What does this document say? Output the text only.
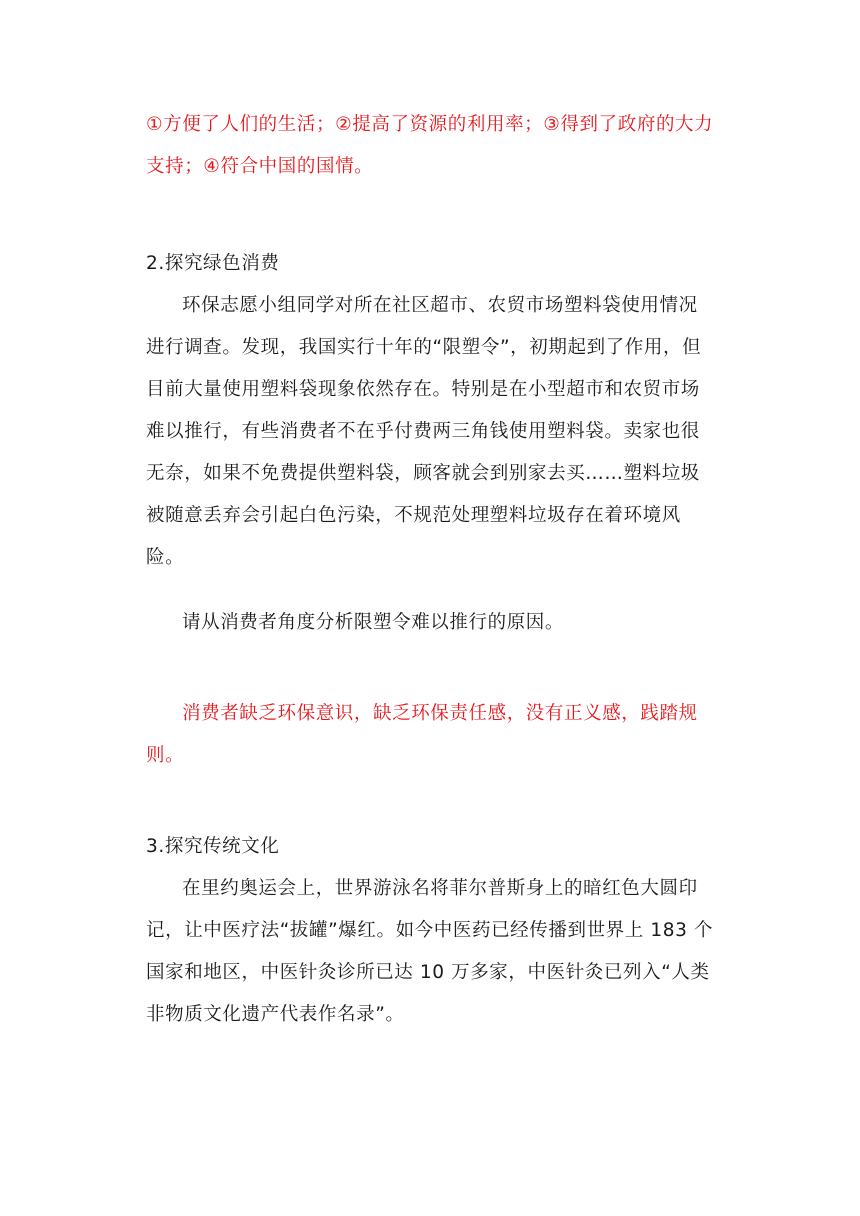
①方便了人们的生活；②提高了资源的利用率；③得到了政府的大力支持；④符合中国的国情。

2.探究绿色消费

环保志愿小组同学对所在社区超市、农贸市场塑料袋使用情况进行调查。发现，我国实行十年的“限塑令”，初期起到了作用，但目前大量使用塑料袋现象依然存在。特别是在小型超市和农贸市场难以推行，有些消费者不在乎付费两三角钱使用塑料袋。卖家也很无奈，如果不免费提供塑料袋，顾客就会到别家去买……塑料垃圾被随意丢弃会引起白色污染，不规范处理塑料垃圾存在着环境风险。

请从消费者角度分析限塑令难以推行的原因。

消费者缺乏环保意识，缺乏环保责任感，没有正义感，践踏规则。

3.探究传统文化

在里约奥运会上，世界游泳名将菲尔普斯身上的暗红色大圆印记，让中医疗法“拔罐”爆红。如今中医药已经传播到世界上 183 个国家和地区，中医针灸诊所已达 10 万多家，中医针灸已列入“人类非物质文化遗产代表作名录”。
